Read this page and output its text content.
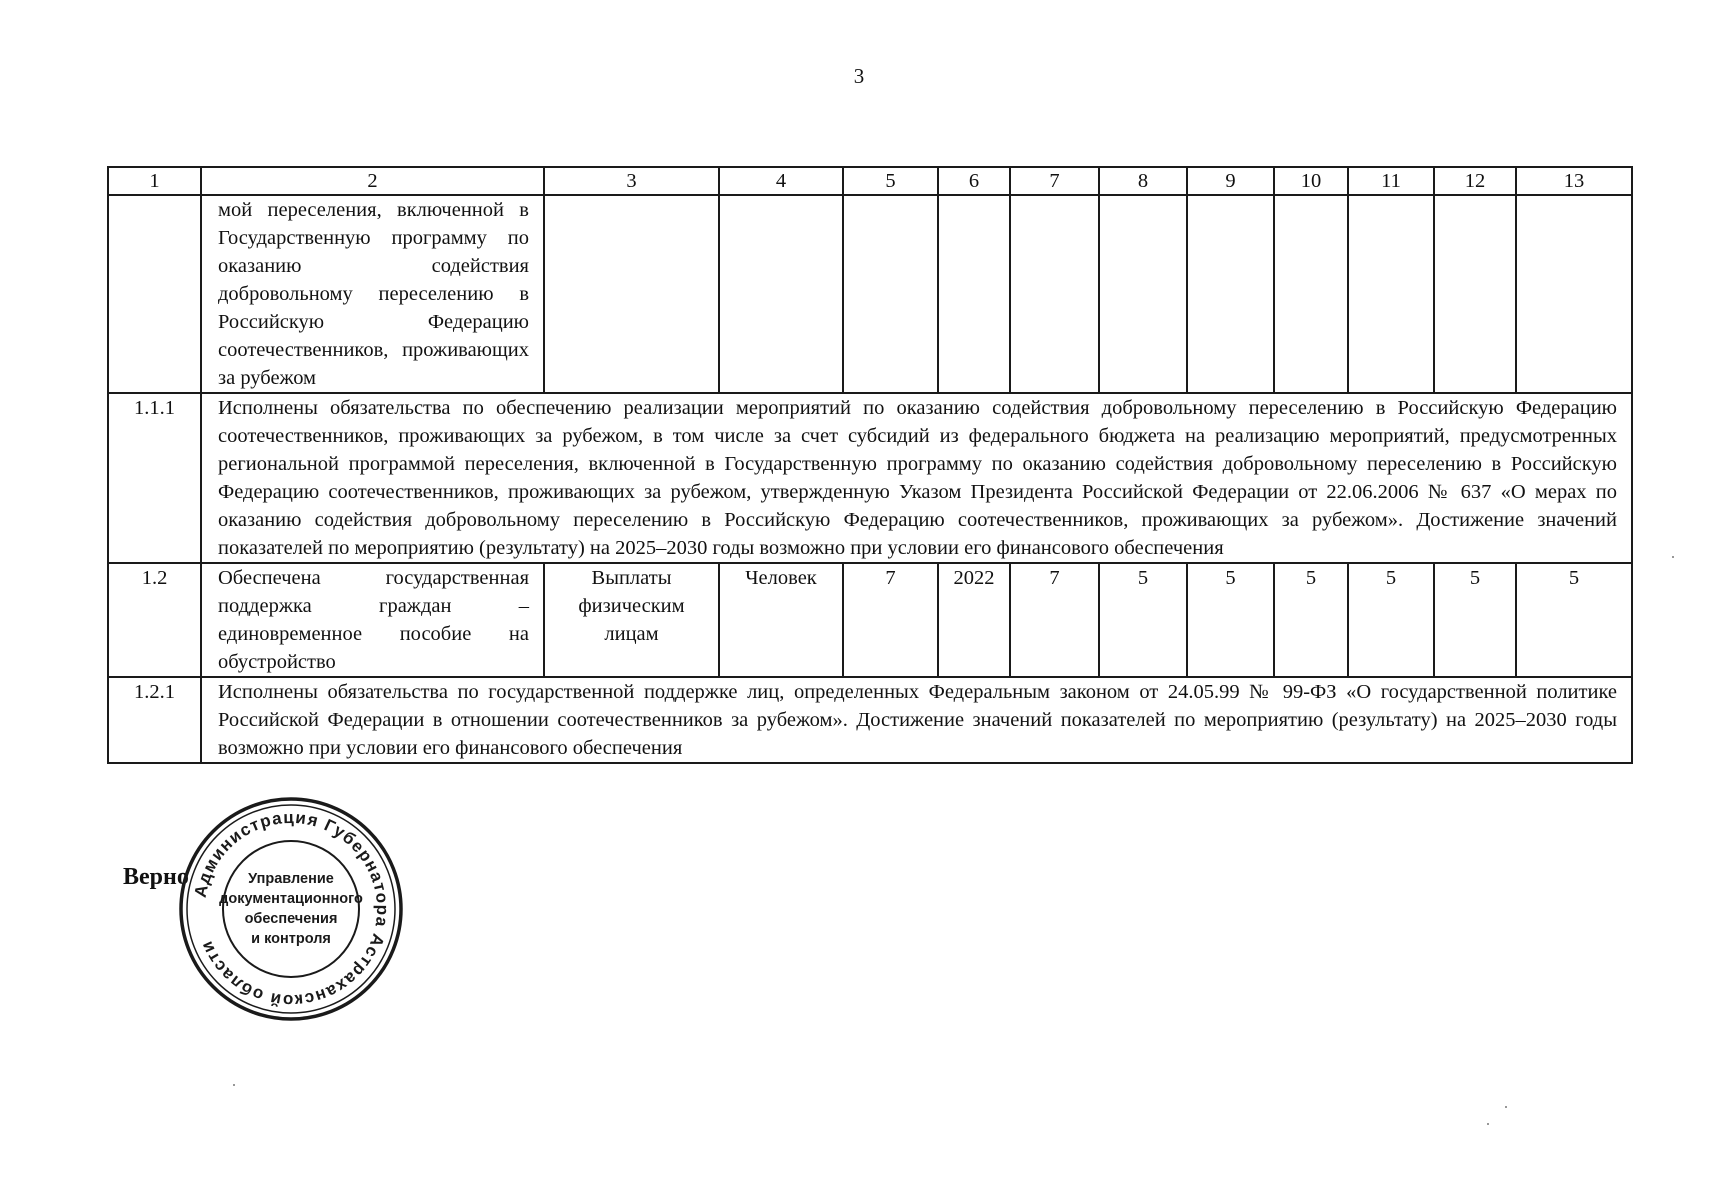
3
1	2	3	4	5	6	7	8	9	10	11	12	13
	мой переселения, включенной в Государственную программу по оказанию содействия добровольному переселению в Российскую Федерацию соотечественников, проживающих за рубежом											
1.1.1	Исполнены обязательства по обеспечению реализации мероприятий по оказанию содействия добровольному переселению в Российскую Федерацию соотечественников, проживающих за рубежом, в том числе за счет субсидий из федерального бюджета на реализацию мероприятий, предусмотренных региональной программой переселения, включенной в Государственную программу по оказанию содействия добровольному переселению в Российскую Федерацию соотечественников, проживающих за рубежом, утвержденную Указом Президента Российской Федерации от 22.06.2006 № 637 «О мерах по оказанию содействия добровольному переселению в Российскую Федерацию соотечественников, проживающих за рубежом». Достижение значений показателей по мероприятию (результату) на 2025–2030 годы возможно при условии его финансового обеспечения											
1.2	Обеспечена государственная поддержка граждан – единовременное пособие на обустройство	Выплаты физическим лицам	Человек	7	2022	7	5	5	5	5	5	5
1.2.1	Исполнены обязательства по государственной поддержке лиц, определенных Федеральным законом от 24.05.99 № 99-ФЗ «О государственной политике Российской Федерации в отношении соотечественников за рубежом». Достижение значений показателей по мероприятию (результату) на 2025–2030 годы возможно при условии его финансового обеспечения											
Верно
Администрация Губернатора Астраханской области
Управление
документационного
обеспечения
и контроля
